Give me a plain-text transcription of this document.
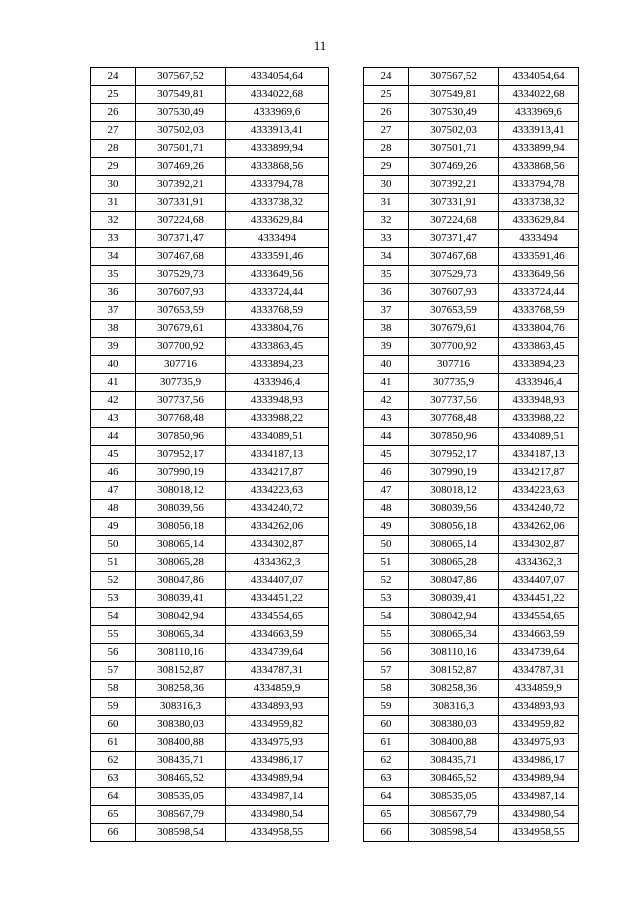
11
24	307567,52	4334054,64
25	307549,81	4334022,68
26	307530,49	4333969,6
27	307502,03	4333913,41
28	307501,71	4333899,94
29	307469,26	4333868,56
30	307392,21	4333794,78
31	307331,91	4333738,32
32	307224,68	4333629,84
33	307371,47	4333494
34	307467,68	4333591,46
35	307529,73	4333649,56
36	307607,93	4333724,44
37	307653,59	4333768,59
38	307679,61	4333804,76
39	307700,92	4333863,45
40	307716	4333894,23
41	307735,9	4333946,4
42	307737,56	4333948,93
43	307768,48	4333988,22
44	307850,96	4334089,51
45	307952,17	4334187,13
46	307990,19	4334217,87
47	308018,12	4334223,63
48	308039,56	4334240,72
49	308056,18	4334262,06
50	308065,14	4334302,87
51	308065,28	4334362,3
52	308047,86	4334407,07
53	308039,41	4334451,22
54	308042,94	4334554,65
55	308065,34	4334663,59
56	308110,16	4334739,64
57	308152,87	4334787,31
58	308258,36	4334859,9
59	308316,3	4334893,93
60	308380,03	4334959,82
61	308400,88	4334975,93
62	308435,71	4334986,17
63	308465,52	4334989,94
64	308535,05	4334987,14
65	308567,79	4334980,54
66	308598,54	4334958,55
24	307567,52	4334054,64
25	307549,81	4334022,68
26	307530,49	4333969,6
27	307502,03	4333913,41
28	307501,71	4333899,94
29	307469,26	4333868,56
30	307392,21	4333794,78
31	307331,91	4333738,32
32	307224,68	4333629,84
33	307371,47	4333494
34	307467,68	4333591,46
35	307529,73	4333649,56
36	307607,93	4333724,44
37	307653,59	4333768,59
38	307679,61	4333804,76
39	307700,92	4333863,45
40	307716	4333894,23
41	307735,9	4333946,4
42	307737,56	4333948,93
43	307768,48	4333988,22
44	307850,96	4334089,51
45	307952,17	4334187,13
46	307990,19	4334217,87
47	308018,12	4334223,63
48	308039,56	4334240,72
49	308056,18	4334262,06
50	308065,14	4334302,87
51	308065,28	4334362,3
52	308047,86	4334407,07
53	308039,41	4334451,22
54	308042,94	4334554,65
55	308065,34	4334663,59
56	308110,16	4334739,64
57	308152,87	4334787,31
58	308258,36	4334859,9
59	308316,3	4334893,93
60	308380,03	4334959,82
61	308400,88	4334975,93
62	308435,71	4334986,17
63	308465,52	4334989,94
64	308535,05	4334987,14
65	308567,79	4334980,54
66	308598,54	4334958,55
